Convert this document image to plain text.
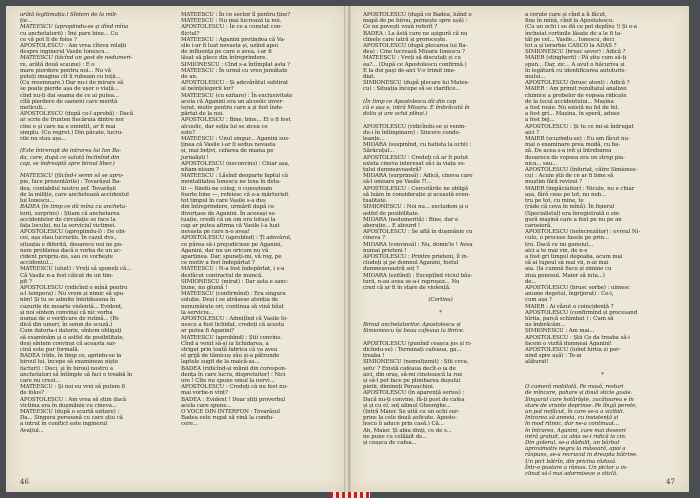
arătă legitimația.) Sîntem de la mili-
ție...
MATEESCU (apropiindu-se și dînd mîna
cu anchetatorii) : Îmi pare bine... Cu
ce vă pot fi de folos ?
APOSTOLESCU : Am vrea cîteva relații
despre inginerul Vasile Ionescu...
MATEESCU (tăcînd un gest de nedumeri-
re, arătă două scaune) : E o
mare pierdere pentru noi... Nu vă
puteți imagina cît îi rubeam cu toții...
(Cu resemnare.) Dar nu-i de mirare să
se poate pierde așa de ușor o viață...
cînd nu-ți dai seama de ce ai putea...
cîtă pierdere de oameni care merită
meticuli...
APOSTOLESCU (după ce-l aprobă) : Dacă
ar scrie de frunten fiecăruia dintre noi
cine e și care na e omintit, ar fi mai
simplu. (Cu regret.) Din păcate, lucru-
rile nu stau așa...

(Este întrerupt de intrarea lui Ion Ba-
da, care, după ce salută înclinînd din
cap, se îndreaptă spre biroul liber.)

MATEESCU (făcînd-i semn să se apro-
pie, face prezentările) : Tovarășul Ba-
dea, contabilul nostru șef. Tovarășii
de la miliție, care anchetează accidentul
lui Ionescu...
BADEA (în timp ce dă mîna cu ancheta-
torii, surprins) : Știam că anchetarea
accidentelor de circulație se face la
fața locului, nu la serviciul victimei.
APOSTOLESCU (apropiindu-l) : De obi-
cei, așa stau lucrurile. În cazul dvs.,
situația e diferită, deoarece noi ne pu-
nem problema dacă e vorba de un ac-
cident propriu-zis, sau ce vorbește
accidentul...
MATEESCU (uluit) : Vreți să spuneți că...
Că Vasile n-a fost călcat de un tim-
pit ?
APOSTOLESCU (ridicînd o mînă pentru
a-l tempera) : Nu vrem și nimic să spu-
nim! Și tu se admite întotdeauna în
cazurile de moarte violentă... Evident,
și noi sîntem convinși că nic vorba
numai de o verificare de rutină... (Ri-
dică din umeri, în semn de scuză.)
Cum datoria-i datorie, sîntem obligați
să examinăm și o astfel de posibilitate,
deși sîntem convinși că aceasta sar-
cină este pur formală.
BADEA (rîde, în timp ce, apriidu-se la
biroul lui, începe să examineze niște
facturi) : Deci, și în biroul nostru a
anchetatori să întîmple să faci o treabă în
care nu crezi...
MATEESCU : Și noi eu vrei să putem fi
de folos?
APOSTOLESCU : Am vrea să știm dacă
victima era în dușmănie cu cineva...
MATEESCU (după o scurtă ezitare) :
Da... Singura persoană cu care știu că
a intrat în conflict este inginerul
Avațiul...
MATEESCU : În ce sector îl pentru ține?
MATEESCU : Nu mai lucrează la noi.
APOSTOLESCU : În ce a constat con-
flictul?
MATEESCU : Aganini pretindea că Va-
sile i-ar fi luat nevasta și, uzînd apoi
de influența pe care o avea, i-ar fi
lăsat să plece din întreprindere.
SIMIONESCU : Cînd s-a întîmplat asta ?
MATEESCU : În urmă cu vreo jumătate
de an.
APOSTOLESCU : Și adevărătul subtirat
al neînțelegerii lor?
MATEESCU (cu ezitare) : În exclusivitate
acela că Aganini era un alcoolic inver-
terat, motiv pentru care a și fost înde-
părtat de la noi.
APOSTOLESCU : Bine, bine... El o fi fost
alcoolic, dar soția lui se zicea ce
este?
MATEESCU : Unul singur... Aganini sus-
ținea că Vasile i-ar fi sedus nevasta
și, mai bețivi, cefarea de mama pe
jurnaliști !
APOSTOLESCU (neconvins) : Chiar așa,
nitam-nisam ?
MATEESCU : Lăsînd deoparte faptul că
mentalitatea Ionescu ne loxa în deta-
lii — fiindu-ne coleg, o cunoșteam
foarte bine —, refeiesc că o-a mărturisit
tot timpul în care Vasile s-a dus
din întreprindere, urmărit după ce
divorțase de Aganini. În aceeași se-
tuație, credă că un om era totuși la
cap ar putea afirma că Vasile l-a luat
nevasta pe care n-o avea!
APOSTOLESCU (aprobînd) : Ți adevărul,
ce părea să-i prejudicieze pe Aganini,
Aganini, dar nu un oricum nu vă
aparținea. Dar, spuneți-mi, vă rog, pe
ce motiv a fost îndepărtat ?
MATEESCU : N-a fost îndepărtat, i s-a
desfăcut contractul de muncă.
SIMIONESCU (mirat) : Dar asta e sanc-
țiune, nu glumă !
MATEESCU (confirmînd) : Era singura
soluție. Deși i se atrăsese atenția de
nenumărate ori, continua să vină băut
la serviciu...
APOSTOLESCU : Admițînd că Vasile Io-
nescu a fost lichidat, credeți că acesta
ar putea fi Aganini?
MATEESCU (aprobînd) : Știi convins.
Cînd a venit să-și ia lichidarea, a
strigat prin toată fabrica că va avea
el grijă de tămicuș său și-a pătrunde
laptele sugit de la maică-sa...
BADEA (ridicînd-și mîinii din corespon-
dența în care lucra, dispretuitor) : Nici
ore ! Cîte nu spune omul la nervi...
APOSTOLESCU : Credeți că nu fost nu-
mai vorbe-n vînt?
BADEA : Evident ! Doar știți proverbul
acela care spune...
O VOCE DIN INTERFON : Tovarășul
Badea este rugat să vină la condu-
cere...
46
APOSTOLESCU (după ce Badea, luînd o
mapă de pe birou, pornește spre ușă) :
Ce ne povești vouă referit ?
BADEA : La ăstă care ne așigură că nu
clinele care latră și prorocește.
APOSTOLESCU (după plecarea lui Ba-
dea) : Cine lucrează Mioara Ionescu ?
MATEESCU : Vreți să discutați și cu
ea?... (După ce Apostolescu confirmă.)
E la doi pași de-aici V-o trimit ime-
diat.
SIMIONESCU (după plecare lui Mates-
cu) : Situația începe să se clarifice...

(În timp ce Apostolescu dă din cap
că e așa e, intră Mioara. E îmbrăcată în
doliu și are ochii plînși.)

APOSTOLESCU (ridicîndu-se și venin-
du-i în întîmpinare) : Sincere condo-
leanțe...
MIOARA (suspinînd, cu batista la ochi) :
Sărăcuțul...
APOSTOLESCU : Credeți că ar fi putut
exista cineva interesat să-i ia viața so-
țului dumneavoastră?
MIOARA (surprinsă) : Adică, cineva care
să-l omoare pe Vasile ?!...
APOSTOLESCU : Cercetările ne obligă
să luăm în considerație și această even-
tualitate.
SIMIONESCU : Noi nu... excludem și o
astfel de posibilitate.
MIOARA (nedumerită) : Bine, dar e
aberație... E absurd !
APOSTOLESCU : Se află în dușmănie cu
cineva ?
MIOARA (convinsă) : Nu, domn'le ! Avea
numai prieteni !
APOSTOLESCU : Printre prieteni, îl in-
cludeți și pe domnul Aganini, fostul
dumneavoastră soț ?
MIOARA (ezitînd) : Excepțînd viciul bău-
turii, n-au avea se-a-i reproșez... Nu
cred că ar fi în stare de violență.

(Cortina)

*

Biroul anchetatorilor. Apostolescu și
Simionescu își beau cafeaua la ibrice.

APOSTOLESCU (punînd ceașca jos și ri-
dicîndu-se) : Terminați cafeaua, ga...
treaba !
SIMIONESCU (nemulțumit) : Știi ceva,
șefu' ? Există cafeaua decît-o ia de
aici, din oraș, să-mi cinstească la rue
și să-l pot face pe plimbarea dușului
pietii, dimineți Parauchini.
APOSTOLESCU (în aparență serios) :
Dacă nu-ți convine, fă-ți post de cafea
și și cu el, soț alimul Gheorghe...
(Intră Maier. Se uită cu un ochi sur-
prins la cele două șeficate. Aposto-
lescu îi aduce prin casă.) Că...
Ah, Maier. Și abia dinți, ce de s...
ne pune cu celălalt de...
și ceașca de cafea...
a cerute care și cînd a îi făcut,
fine în mînă, cînd la Apostolescu.
(Cu un ochi i se dă ce pot deplîns !) Și e-a
încheiat cortinile lăsate de a le fi ta-
tăl pe cel... Vasile... Ionescu, deci
tot a și ierarhie CASCO la ADAS ?
SIMIONESCU (brusc sever) : Adică ?
MAIER (stingherit) : Pă știu cum să-ți
spun... Dar, zic... A avut o hăcuriva și
în legătură cu identificarea autoturis-
mului...
APOSTOLESCU (brusc atent) : Adică ?
MAIER : Am primit rezultatul analizei
chimice a probelor de vopsea ridicate
de la locul accidentului... Mașina
a fost roșie. Nu există nu fel de fel.
a fost gri... Mașina, în speră, aduse
a fost bej...
APOSTOLESCU : Și tu ce mi-ai îndrugat
aici ?
MAIER (scuzindu-se) : Eu am făcut nu-
mai o examinare prea modă, cu ba-
ză. De acea s-a ivit și întrebarea
deoarece de vopsea era un strop pia-
nica... sau...
APOSTOLESCU (înfuriat, către Simiones-
cu) : Acum știi de ce ar fi bine să
muștim fără revizui ?
MAIER (impăciuitor) : Nicule, nu e chiar
așa, fără ceas pe tot, nu neb...
tru pe tot, cu mine, te
(râde că ceva în mînă). În fișierul
(Specialistul) era înregistrată o sin-
gură mașină care a fost pe nu pe an
carosieră.
APOSTOLESCU (neîncrezător) : evreul Ni-
culo, o procese fasele pe prin...
tru. Dacă ce mi gunoiul...
aici a te mai vin, de n-e
a fost gri timpul degeaba, acum mai
să ai tupeul să mai vii, n-ai mai
aia. (Ia cumnă fiscu și zimine cu
ziua ponosul. Maier să iuta...)
de...
APOSTOLESCU (brusc sorbe) : uimesc
anume degetul, îngrijorat) : Ce-i,
cum așa ?
MAIER : Ai văzut o coincidență ?
APOSTOLESCU (confirmînd și procesand
hîrtia, parcă schimbat ) : Cum să
ne îmbrăcăm...
SIMIONESCU : Am mai...
APOSTOLESCU : Știi Ce da treaba să-i
facem o vizită dumneai Aganini!
APOSTOLESCU (luînd hîrtia și por-
nind spre ușă) : Te-ai
alăturat!

*

O cameră mobilată. Pe masă, resturi
de mîncare, pahare și două sticle goale.
Singurul care hotărăște, zucătoarea e în
stare de vrunte deprinse. Pe lîngă perete,
un pat nefăcut, în care se-a a vizibili.
Intrarea să anneia, cu insistență și
în mod ritmic, dar ne-a continuat...
în întrarea, Aganini, care mai deseori
intră gratuit, ca abia se-i ridică la cin.
Din golerul, se-a dădulit, un bărbat
aproximativ negru la măsoară, apoi a
răspuns, se-a recrucut in dreapta bătrine.
Un pict bătrîn, din pricina rădasă.
Într-o postare a rămas. Un pictor a in-
clinat să-l mai adormiseze o sticlă.
47
